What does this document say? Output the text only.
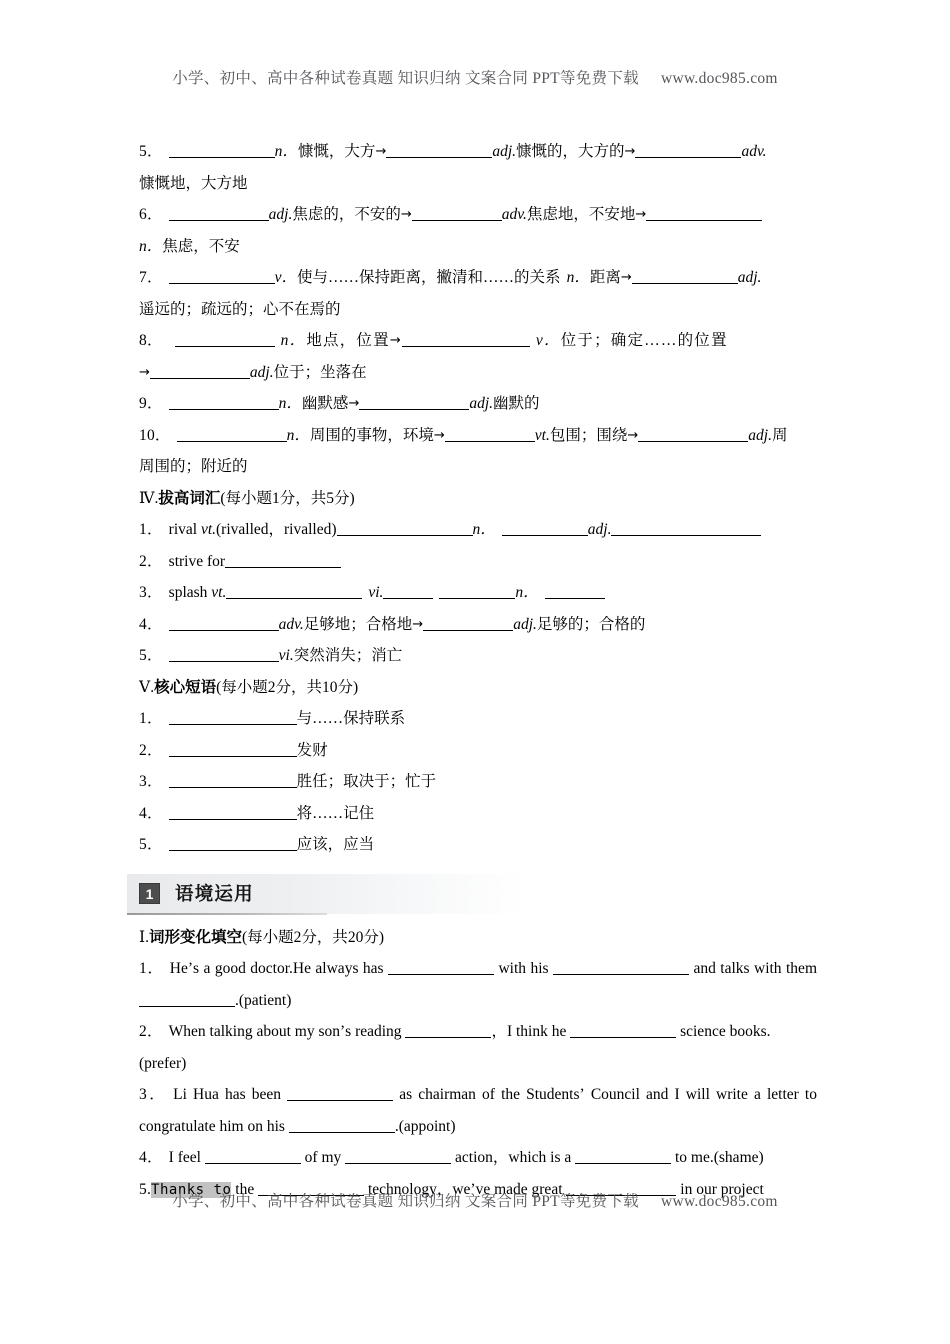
小学、初中、高中各种试卷真题 知识归纳 文案合同 PPT等免费下载 www.doc985.com
5．	n．慷慨，大方→	adj.慷慨的，大方的→	adv.
慷慨地，大方地
6．	adj.焦虑的，不安的→	adv.焦虑地，不安地→
n．焦虑，不安
7．	v．使与……保持距离，撇清和……的关系 n．距离→	adj.
遥远的；疏远的；心不在焉的
8．	n．地点，位置→	v．位于；确定……的位置
→	adj.位于；坐落在
9．	n．幽默感→	adj.幽默的
10．	n．周围的事物，环境→	vt.包围；围绕→	adj.周
周围的；附近的
Ⅳ.拔高词汇(每小题1分，共5分)
1． rival vt.(rivalled，rivalled)	n．	adj.
2． strive for
3． splash vt.	vi.	n．
4．	adv.足够地；合格地→	adj.足够的；合格的
5．	vi.突然消失；消亡
Ⅴ.核心短语(每小题2分，共10分)
1．	与……保持联系
2．	发财
3．	胜任；取决于；忙于
4．	将……记住
5．	应该，应当
1	语境运用
Ⅰ.词形变化填空(每小题2分，共20分)
1． He’s a good doctor.He always has	with his	and talks with them .(patient)
2． When talking about my son’s reading	，I think he	science books.
(prefer)
3． Li Hua has been	as chairman of the Students’ Council and I will write a letter to congratulate him on his	.(appoint)
4． I feel	of my	action，which is a	to me.(shame)
5.Thanks to the	technology，we’ve made great	in our project
小学、初中、高中各种试卷真题 知识归纳 文案合同 PPT等免费下载 www.doc985.com
